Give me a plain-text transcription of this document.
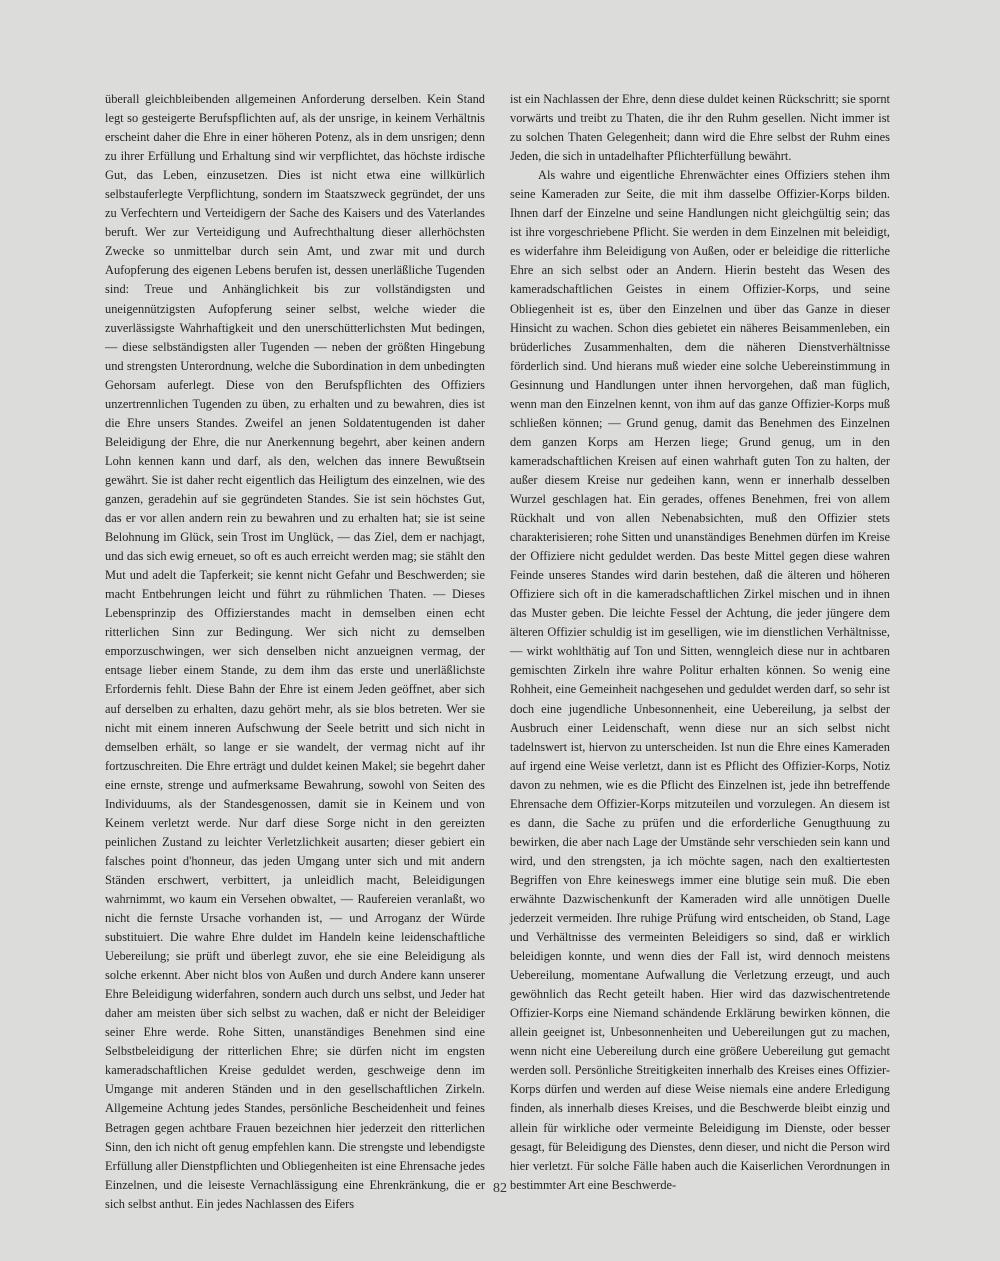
überall gleichbleibenden allgemeinen Anforderung derselben. Kein Stand legt so gesteigerte Berufspflichten auf, als der unsrige, in keinem Verhältnis erscheint daher die Ehre in einer höheren Potenz, als in dem unsrigen; denn zu ihrer Erfüllung und Erhaltung sind wir verpflichtet, das höchste irdische Gut, das Leben, einzusetzen. Dies ist nicht etwa eine willkürlich selbstauferlegte Verpflichtung, sondern im Staatszweck gegründet, der uns zu Verfechtern und Verteidigern der Sache des Kaisers und des Vaterlandes beruft. Wer zur Verteidigung und Aufrechthaltung dieser allerhöchsten Zwecke so unmittelbar durch sein Amt, und zwar mit und durch Aufopferung des eigenen Lebens berufen ist, dessen unerläßliche Tugenden sind: Treue und Anhänglichkeit bis zur vollständigsten und uneigennützigsten Aufopferung seiner selbst, welche wieder die zuverlässigste Wahrhaftigkeit und den unerschütterlichsten Mut bedingen, — diese selbständigsten aller Tugenden — neben der größten Hingebung und strengsten Unterordnung, welche die Subordination in dem unbedingten Gehorsam auferlegt. Diese von den Berufspflichten des Offiziers unzertrennlichen Tugenden zu üben, zu erhalten und zu bewahren, dies ist die Ehre unsers Standes. Zweifel an jenen Soldatentugenden ist daher Beleidigung der Ehre, die nur Anerkennung begehrt, aber keinen andern Lohn kennen kann und darf, als den, welchen das innere Bewußtsein gewährt. Sie ist daher recht eigentlich das Heiligtum des einzelnen, wie des ganzen, geradehin auf sie gegründeten Standes. Sie ist sein höchstes Gut, das er vor allen andern rein zu bewahren und zu erhalten hat; sie ist seine Belohnung im Glück, sein Trost im Unglück, — das Ziel, dem er nachjagt, und das sich ewig erneuet, so oft es auch erreicht werden mag; sie stählt den Mut und adelt die Tapferkeit; sie kennt nicht Gefahr und Beschwerden; sie macht Entbehrungen leicht und führt zu rühmlichen Thaten. — Dieses Lebensprinzip des Offizierstandes macht in demselben einen echt ritterlichen Sinn zur Bedingung. Wer sich nicht zu demselben emporzuschwingen, wer sich denselben nicht anzueignen vermag, der entsage lieber einem Stande, zu dem ihm das erste und unerläßlichste Erfordernis fehlt. Diese Bahn der Ehre ist einem Jeden geöffnet, aber sich auf derselben zu erhalten, dazu gehört mehr, als sie blos betreten. Wer sie nicht mit einem inneren Aufschwung der Seele betritt und sich nicht in demselben erhält, so lange er sie wandelt, der vermag nicht auf ihr fortzuschreiten. Die Ehre erträgt und duldet keinen Makel; sie begehrt daher eine ernste, strenge und aufmerksame Bewahrung, sowohl von Seiten des Individuums, als der Standesgenossen, damit sie in Keinem und von Keinem verletzt werde. Nur darf diese Sorge nicht in den gereizten peinlichen Zustand zu leichter Verletzlichkeit ausarten; dieser gebiert ein falsches point d'honneur, das jeden Umgang unter sich und mit andern Ständen erschwert, verbittert, ja unleidlich macht, Beleidigungen wahrnimmt, wo kaum ein Versehen obwaltet, — Raufereien veranlaßt, wo nicht die fernste Ursache vorhanden ist, — und Arroganz der Würde substituiert. Die wahre Ehre duldet im Handeln keine leidenschaftliche Uebereilung; sie prüft und überlegt zuvor, ehe sie eine Beleidigung als solche erkennt. Aber nicht blos von Außen und durch Andere kann unserer Ehre Beleidigung widerfahren, sondern auch durch uns selbst, und Jeder hat daher am meisten über sich selbst zu wachen, daß er nicht der Beleidiger seiner Ehre werde. Rohe Sitten, unanständiges Benehmen sind eine Selbstbeleidigung der ritterlichen Ehre; sie dürfen nicht im engsten kameradschaftlichen Kreise geduldet werden, geschweige denn im Umgange mit anderen Ständen und in den gesellschaftlichen Zirkeln. Allgemeine Achtung jedes Standes, persönliche Bescheidenheit und feines Betragen gegen achtbare Frauen bezeichnen hier jederzeit den ritterlichen Sinn, den ich nicht oft genug empfehlen kann. Die strengste und lebendigste Erfüllung aller Dienstpflichten und Obliegenheiten ist eine Ehrensache jedes Einzelnen, und die leiseste Vernachlässigung eine Ehrenkränkung, die er sich selbst anthut. Ein jedes Nachlassen des Eifers

ist ein Nachlassen der Ehre, denn diese duldet keinen Rückschritt; sie spornt vorwärts und treibt zu Thaten, die ihr den Ruhm gesellen. Nicht immer ist zu solchen Thaten Gelegenheit; dann wird die Ehre selbst der Ruhm eines Jeden, die sich in untadelhafter Pflichterfüllung bewährt.

Als wahre und eigentliche Ehrenwächter eines Offiziers stehen ihm seine Kameraden zur Seite, die mit ihm dasselbe Offizier-Korps bilden. Ihnen darf der Einzelne und seine Handlungen nicht gleichgültig sein; das ist ihre vorgeschriebene Pflicht. Sie werden in dem Einzelnen mit beleidigt, es widerfahre ihm Beleidigung von Außen, oder er beleidige die ritterliche Ehre an sich selbst oder an Andern. Hierin besteht das Wesen des kameradschaftlichen Geistes in einem Offizier-Korps, und seine Obliegenheit ist es, über den Einzelnen und über das Ganze in dieser Hinsicht zu wachen. Schon dies gebietet ein näheres Beisammenleben, ein brüderliches Zusammenhalten, dem die näheren Dienstverhältnisse förderlich sind. Und hierans muß wieder eine solche Uebereinstimmung in Gesinnung und Handlungen unter ihnen hervorgehen, daß man füglich, wenn man den Einzelnen kennt, von ihm auf das ganze Offizier-Korps muß schließen können; — Grund genug, damit das Benehmen des Einzelnen dem ganzen Korps am Herzen liege; Grund genug, um in den kameradschaftlichen Kreisen auf einen wahrhaft guten Ton zu halten, der außer diesem Kreise nur gedeihen kann, wenn er innerhalb desselben Wurzel geschlagen hat. Ein gerades, offenes Benehmen, frei von allem Rückhalt und von allen Nebenabsichten, muß den Offizier stets charakterisieren; rohe Sitten und unanständiges Benehmen dürfen im Kreise der Offiziere nicht geduldet werden. Das beste Mittel gegen diese wahren Feinde unseres Standes wird darin bestehen, daß die älteren und höheren Offiziere sich oft in die kameradschaftlichen Zirkel mischen und in ihnen das Muster geben. Die leichte Fessel der Achtung, die jeder jüngere dem älteren Offizier schuldig ist im geselligen, wie im dienstlichen Verhältnisse, — wirkt wohlthätig auf Ton und Sitten, wenngleich diese nur in achtbaren gemischten Zirkeln ihre wahre Politur erhalten können. So wenig eine Rohheit, eine Gemeinheit nachgesehen und geduldet werden darf, so sehr ist doch eine jugendliche Unbesonnenheit, eine Uebereilung, ja selbst der Ausbruch einer Leidenschaft, wenn diese nur an sich selbst nicht tadelnswert ist, hiervon zu unterscheiden. Ist nun die Ehre eines Kameraden auf irgend eine Weise verletzt, dann ist es Pflicht des Offizier-Korps, Notiz davon zu nehmen, wie es die Pflicht des Einzelnen ist, jede ihn betreffende Ehrensache dem Offizier-Korps mitzuteilen und vorzulegen. An diesem ist es dann, die Sache zu prüfen und die erforderliche Genugthuung zu bewirken, die aber nach Lage der Umstände sehr verschieden sein kann und wird, und den strengsten, ja ich möchte sagen, nach den exaltiertesten Begriffen von Ehre keineswegs immer eine blutige sein muß. Die eben erwähnte Dazwischenkunft der Kameraden wird alle unnötigen Duelle jederzeit vermeiden. Ihre ruhige Prüfung wird entscheiden, ob Stand, Lage und Verhältnisse des vermeinten Beleidigers so sind, daß er wirklich beleidigen konnte, und wenn dies der Fall ist, wird dennoch meistens Uebereilung, momentane Aufwallung die Verletzung erzeugt, und auch gewöhnlich das Recht geteilt haben. Hier wird das dazwischentretende Offizier-Korps eine Niemand schändende Erklärung bewirken können, die allein geeignet ist, Unbesonnenheiten und Uebereilungen gut zu machen, wenn nicht eine Uebereilung durch eine größere Uebereilung gut gemacht werden soll. Persönliche Streitigkeiten innerhalb des Kreises eines Offizier-Korps dürfen und werden auf diese Weise niemals eine andere Erledigung finden, als innerhalb dieses Kreises, und die Beschwerde bleibt einzig und allein für wirkliche oder vermeinte Beleidigung im Dienste, oder besser gesagt, für Beleidigung des Dienstes, denn dieser, und nicht die Person wird hier verletzt. Für solche Fälle haben auch die Kaiserlichen Verordnungen in bestimmter Art eine Beschwerde-

82
